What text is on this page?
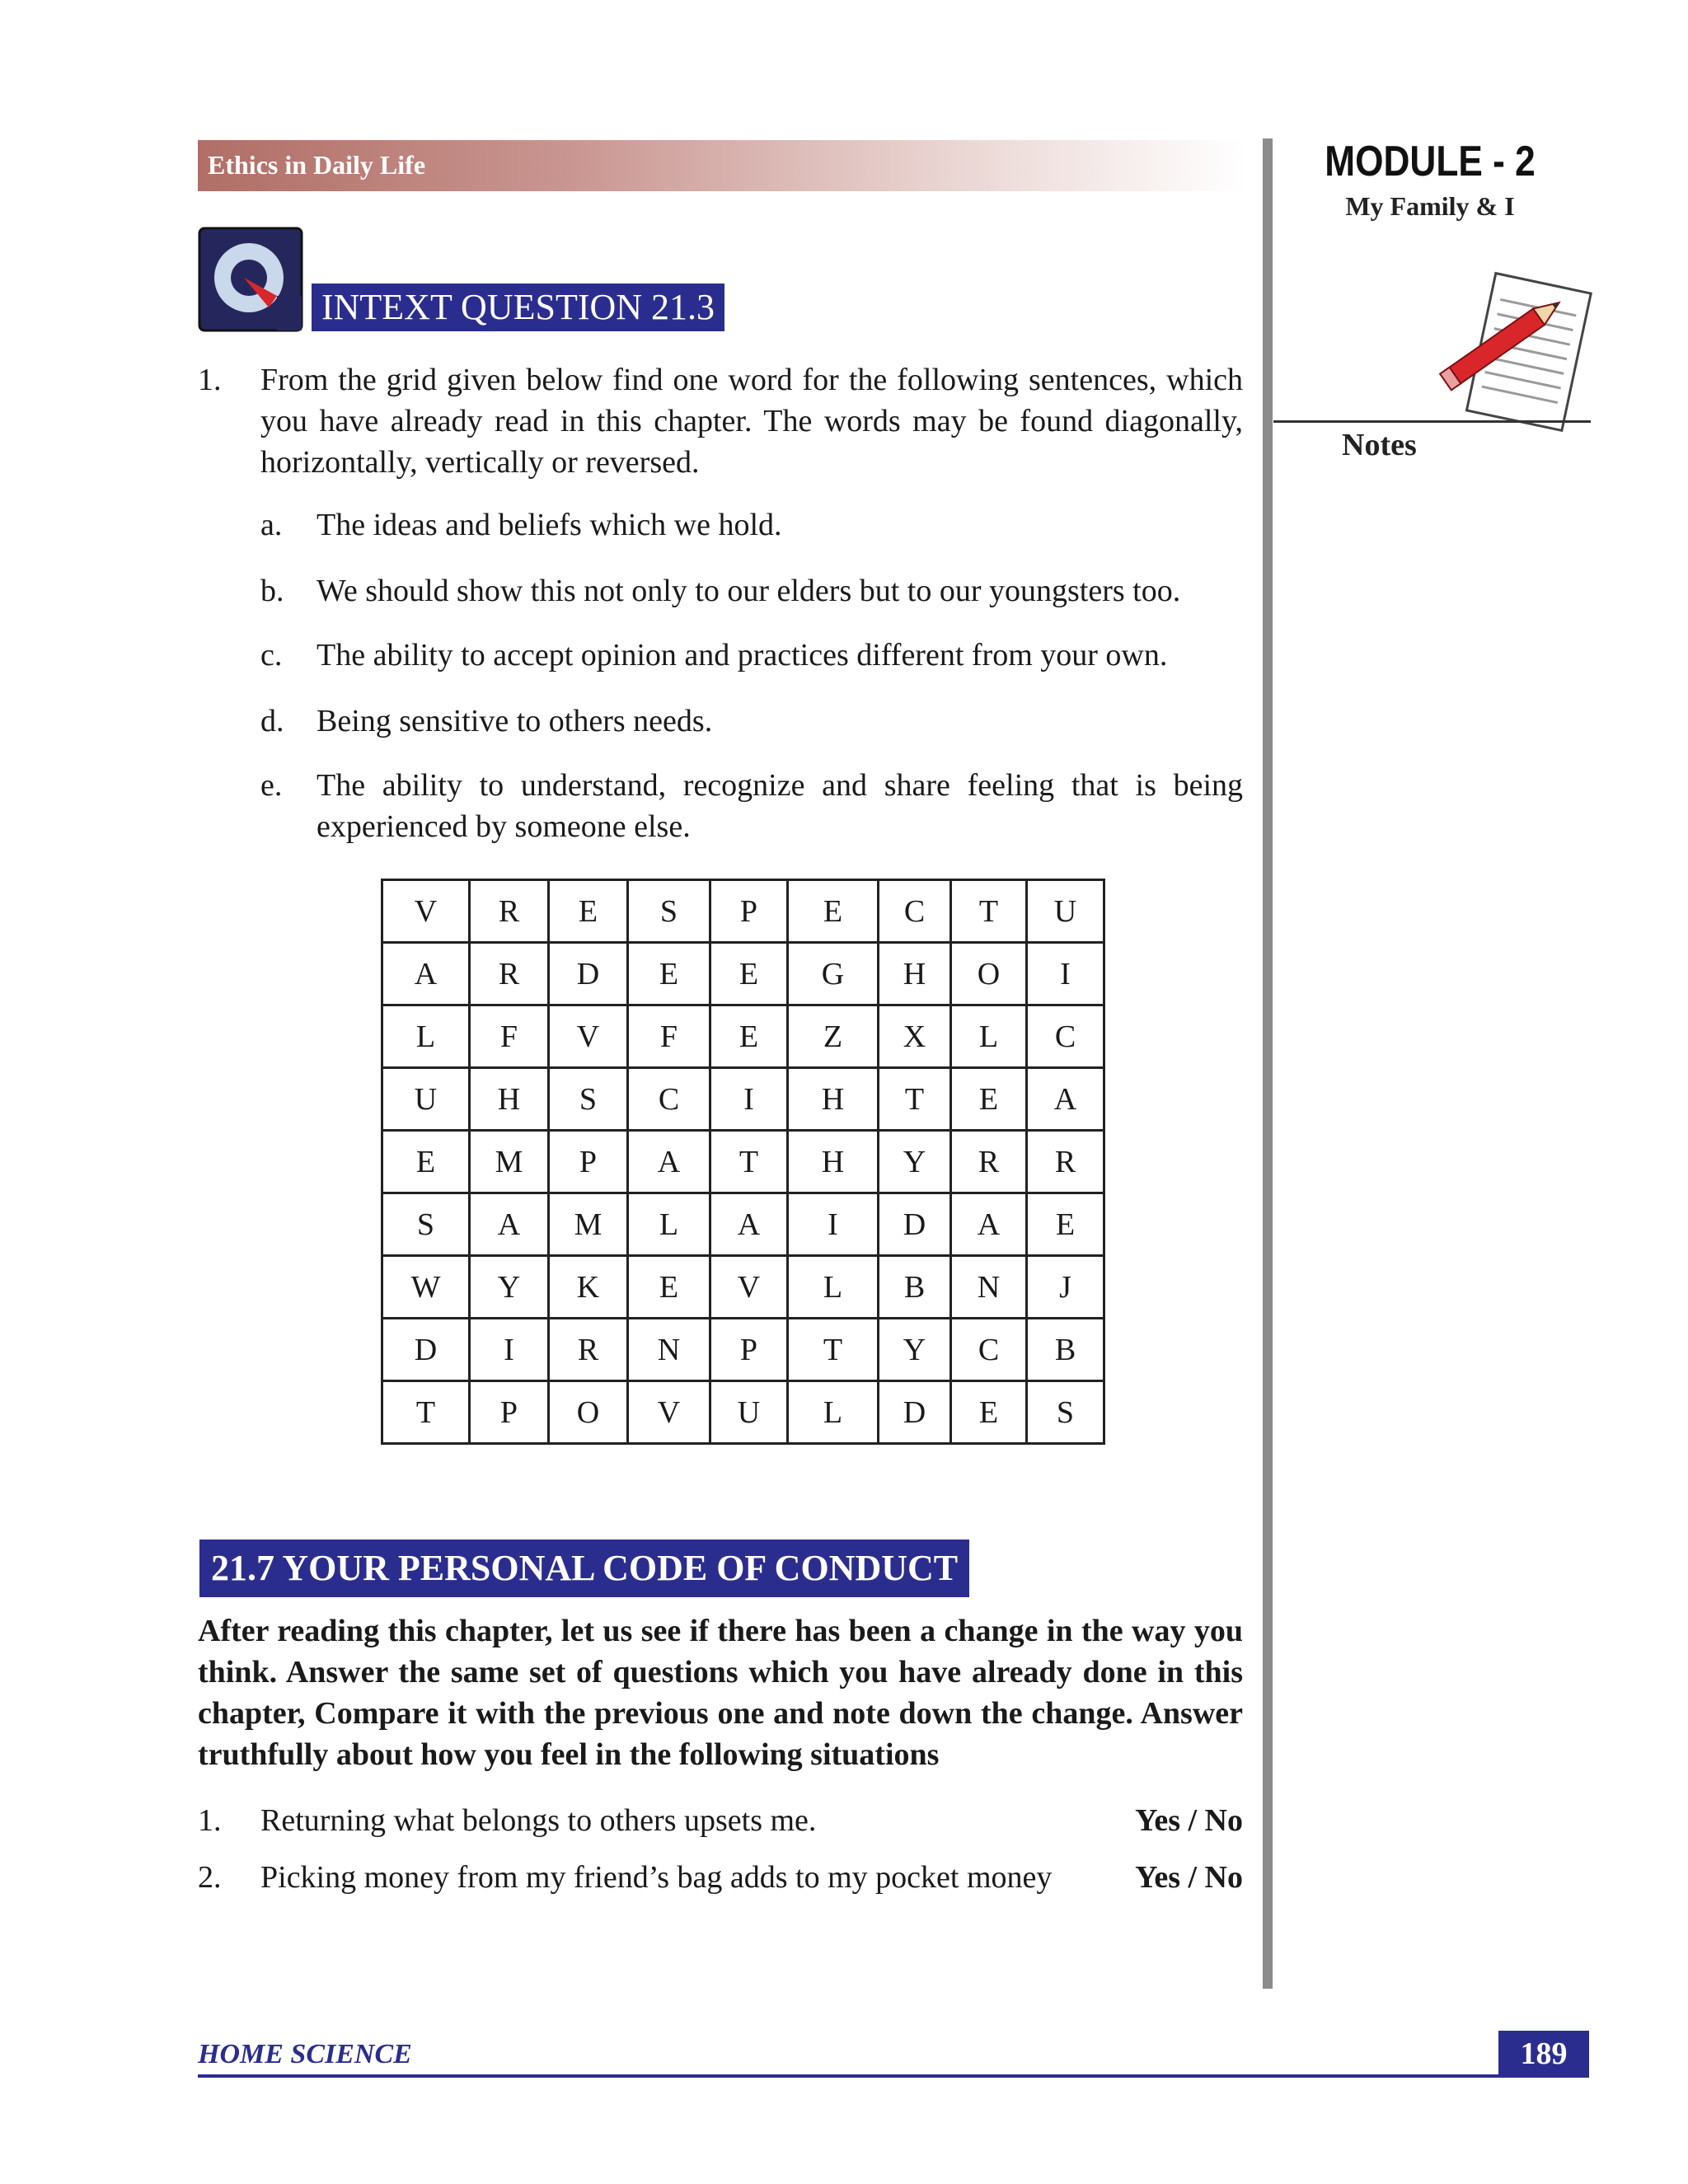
Ethics in Daily Life	MODULE - 2
My Family & I
Notes
INTEXT QUESTION 21.3
1.	From the grid given below find one word for the following sentences, which you have already read in this chapter. The words may be found diagonally, horizontally, vertically or reversed.
a. The ideas and beliefs which we hold.
b. We should show this not only to our elders but to our youngsters too.
c. The ability to accept opinion and practices different from your own.
d. Being sensitive to others needs.
e. The ability to understand, recognize and share feeling that is being experienced by someone else.
V	R	E	S	P	E	C	T	U
A	R	D	E	E	G	H	O	I
L	F	V	F	E	Z	X	L	C
U	H	S	C	I	H	T	E	A
E	M	P	A	T	H	Y	R	R
S	A	M	L	A	I	D	A	E
W	Y	K	E	V	L	B	N	J
D	I	R	N	P	T	Y	C	B
T	P	O	V	U	L	D	E	S
21.7 YOUR PERSONAL CODE OF CONDUCT
After reading this chapter, let us see if there has been a change in the way you think. Answer the same set of questions which you have already done in this chapter, Compare it with the previous one and note down the change. Answer truthfully about how you feel in the following situations
1. Returning what belongs to others upsets me.	Yes / No
2. Picking money from my friend’s bag adds to my pocket money	Yes / No
HOME SCIENCE	189
